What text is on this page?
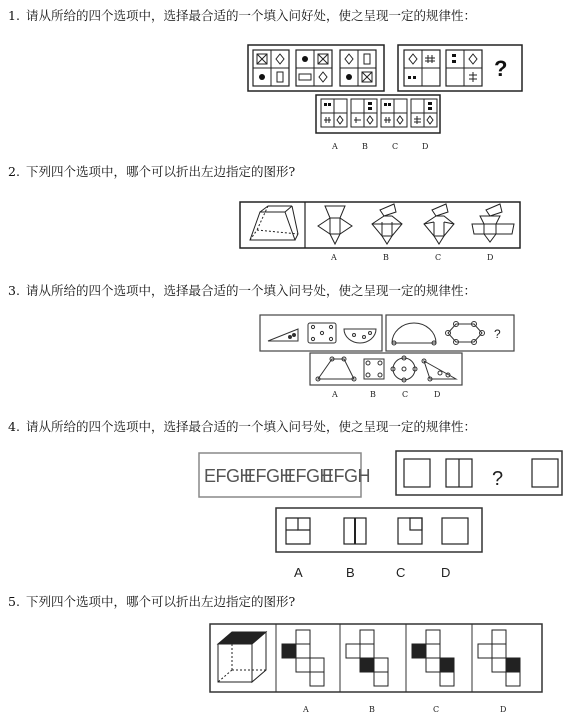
1. 请从所给的四个选项中，选择最合适的一个填入问好处，使之呈现一定的规律性：
?
A	B	C	D
2. 下列四个选项中，哪个可以折出左边指定的图形?
A	B	C	D
3. 请从所给的四个选项中，选择最合适的一个填入问号处，使之呈现一定的规律性：
?
A	B	C	D
4. 请从所给的四个选项中，选择最合适的一个填入问号处，使之呈现一定的规律性：
EFGH
EFGH
EFGH
EFGH	?
A	B	C	D
5. 下列四个选项中，哪个可以折出左边指定的图形?
A	B	C	D
